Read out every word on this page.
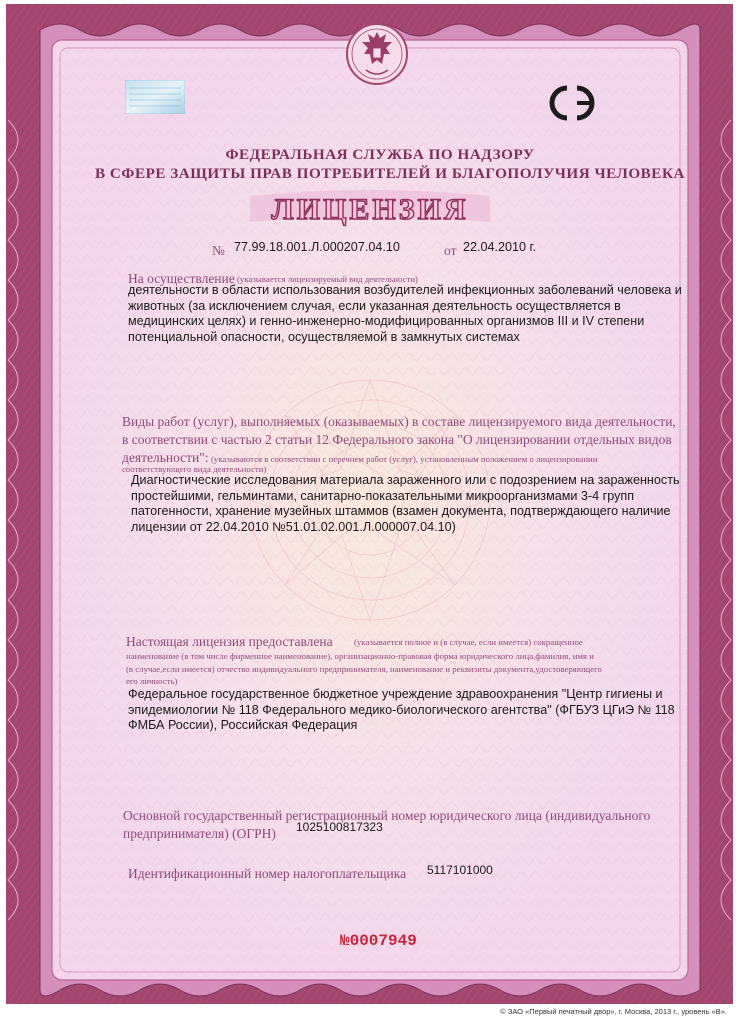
ФЕДЕРАЛЬНАЯ СЛУЖБА ПО НАДЗОРУ
В СФЕРЕ ЗАЩИТЫ ПРАВ ПОТРЕБИТЕЛЕЙ И БЛАГОПОЛУЧИЯ ЧЕЛОВЕКА
ЛИЦЕНЗИЯ
№ 77.99.18.001.Л.000207.04.10	от 22.04.2010 г.
На осуществление (указывается лицензируемый вид деятельности)
деятельности в области использования возбудителей инфекционных заболеваний человека и
животных (за исключением случая, если указанная деятельность осуществляется в
медицинских целях) и генно-инженерно-модифицированных организмов III и IV степени
потенциальной опасности, осуществляемой в замкнутых системах
Виды работ (услуг), выполняемых (оказываемых) в составе лицензируемого вида деятельности,
в соответствии с частью 2 статьи 12 Федерального закона "О лицензировании отдельных видов
деятельности": (указываются в соответствии с перечнем работ (услуг), установленным положением о лицензировании
соответствующего вида деятельности)
Диагностические исследования материала зараженного или с подозрением на зараженность
простейшими, гельминтами, санитарно-показательными микроорганизмами 3-4 групп
патогенности, хранение музейных штаммов (взамен документа, подтверждающего наличие
лицензии от 22.04.2010 №51.01.02.001.Л.000007.04.10)
Настоящая лицензия предоставлена (указывается полное и (в случае, если имеется) сокращенное
наименование (в том числе фирменное наименование), организационно-правовая форма юридического лица,фамилия, имя и
(в случае,если имеется) отчество индивидуального предпринимателя, наименование и реквизиты документа,удостоверяющего
его личность)
Федеральное государственное бюджетное учреждение здравоохранения "Центр гигиены и
эпидемиологии № 118 Федерального медико-биологического агентства" (ФГБУЗ ЦГиЭ № 118
ФМБА России), Российская Федерация
Основной государственный регистрационный номер юридического лица (индивидуального
предпринимателя) (ОГРН) 1025100817323
Идентификационный номер налогоплательщика 5117101000
№0007949
© ЗАО «Первый печатный двор», г. Москва, 2013 г., уровень «В».
